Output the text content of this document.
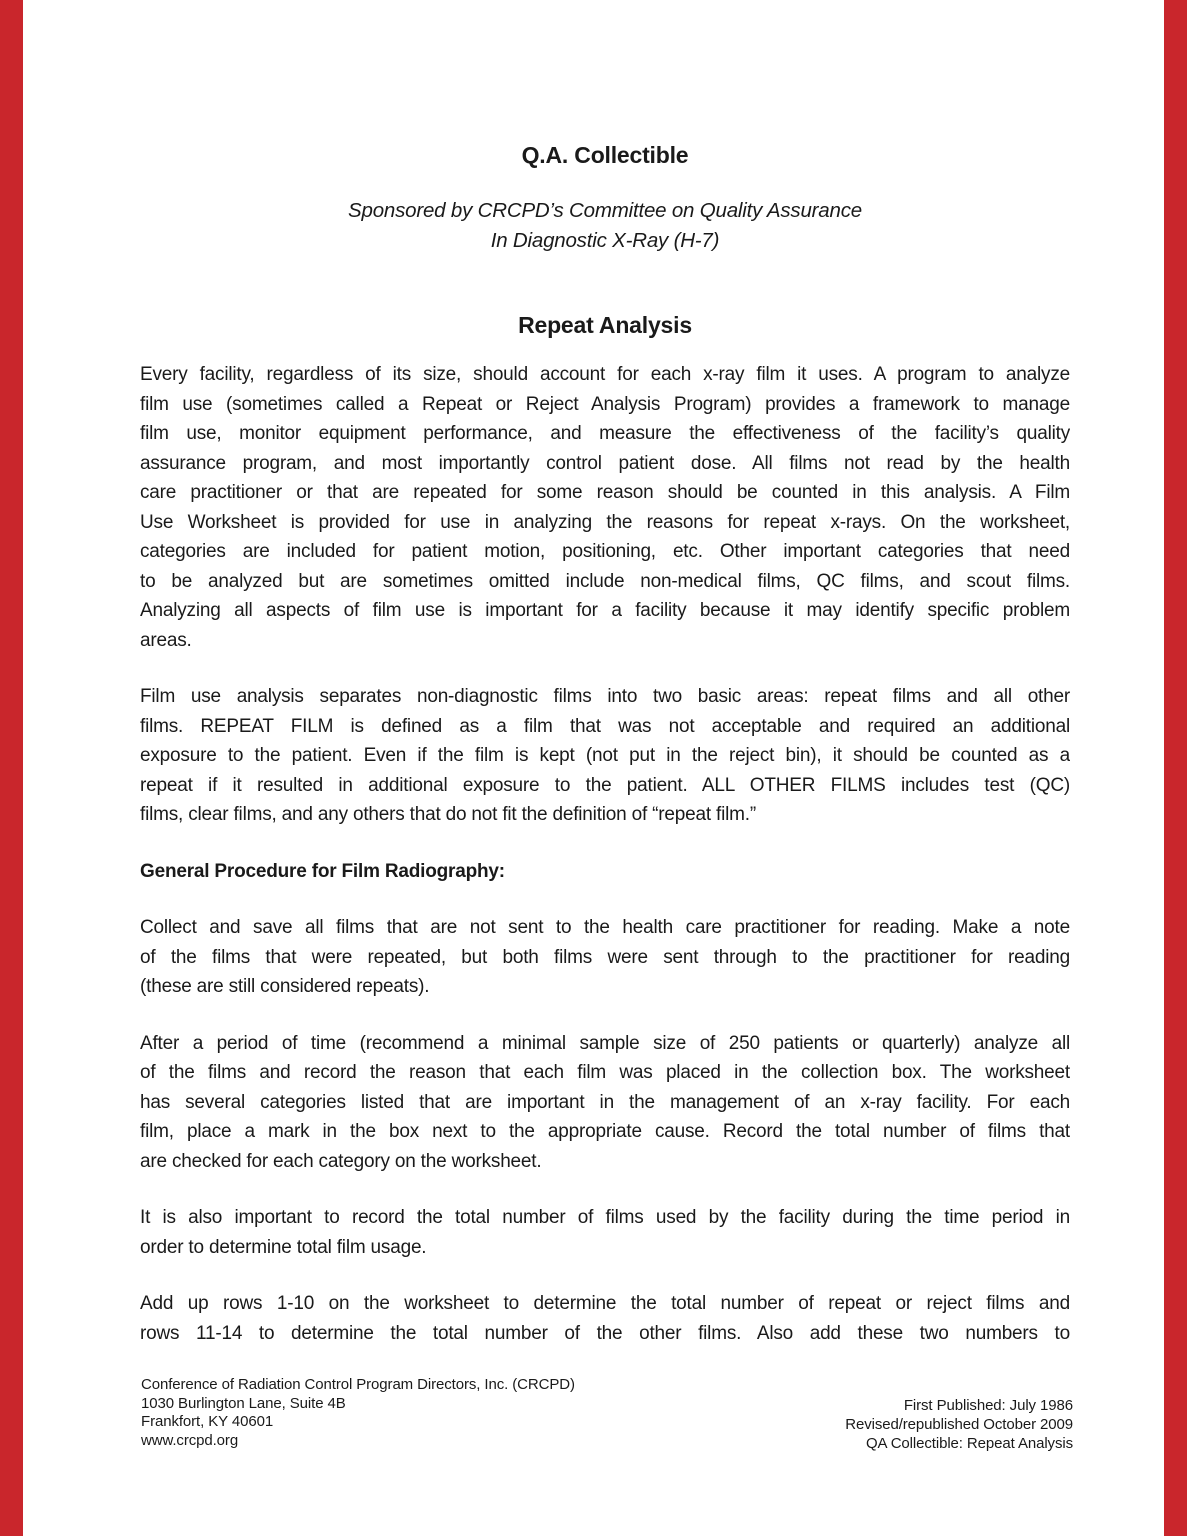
Q.A. Collectible
Sponsored by CRCPD’s Committee on Quality Assurance
In Diagnostic X-Ray (H-7)
Repeat Analysis
Every facility, regardless of its size, should account for each x-ray film it uses. A program to analyze
film use (sometimes called a Repeat or Reject Analysis Program) provides a framework to manage
film use, monitor equipment performance, and measure the effectiveness of the facility’s quality
assurance program, and most importantly control patient dose. All films not read by the health
care practitioner or that are repeated for some reason should be counted in this analysis. A Film
Use Worksheet is provided for use in analyzing the reasons for repeat x-rays. On the worksheet,
categories are included for patient motion, positioning, etc. Other important categories that need
to be analyzed but are sometimes omitted include non-medical films, QC films, and scout films.
Analyzing all aspects of film use is important for a facility because it may identify specific problem
areas.
Film use analysis separates non-diagnostic films into two basic areas: repeat films and all other
films. REPEAT FILM is defined as a film that was not acceptable and required an additional
exposure to the patient. Even if the film is kept (not put in the reject bin), it should be counted as a
repeat if it resulted in additional exposure to the patient. ALL OTHER FILMS includes test (QC)
films, clear films, and any others that do not fit the definition of “repeat film.”
General Procedure for Film Radiography:
Collect and save all films that are not sent to the health care practitioner for reading. Make a note
of the films that were repeated, but both films were sent through to the practitioner for reading
(these are still considered repeats).
After a period of time (recommend a minimal sample size of 250 patients or quarterly) analyze all
of the films and record the reason that each film was placed in the collection box. The worksheet
has several categories listed that are important in the management of an x-ray facility. For each
film, place a mark in the box next to the appropriate cause. Record the total number of films that
are checked for each category on the worksheet.
It is also important to record the total number of films used by the facility during the time period in
order to determine total film usage.
Add up rows 1-10 on the worksheet to determine the total number of repeat or reject films and
rows 11-14 to determine the total number of the other films. Also add these two numbers to
Conference of Radiation Control Program Directors, Inc. (CRCPD)
1030 Burlington Lane, Suite 4B
Frankfort, KY 40601
www.crcpd.org
First Published: July 1986
Revised/republished October 2009
QA Collectible: Repeat Analysis
